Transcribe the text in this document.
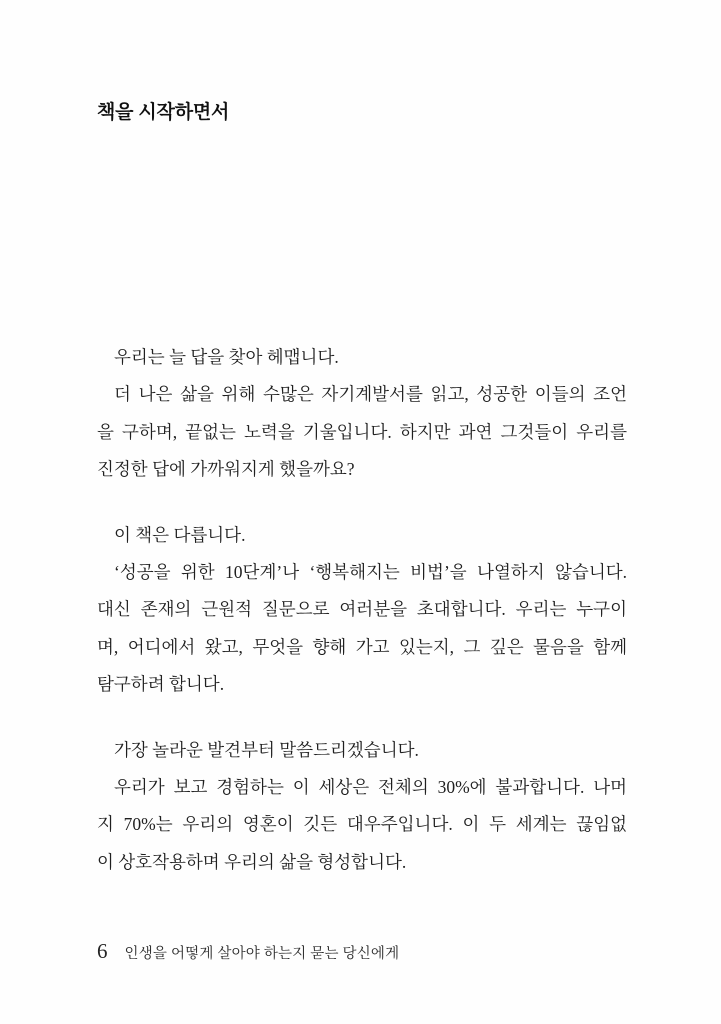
책을 시작하면서
우리는 늘 답을 찾아 헤맵니다.
더 나은 삶을 위해 수많은 자기계발서를 읽고, 성공한 이들의 조언
을 구하며, 끝없는 노력을 기울입니다. 하지만 과연 그것들이 우리를
진정한 답에 가까워지게 했을까요?
이 책은 다릅니다.
‘성공을 위한 10단계’나 ‘행복해지는 비법’을 나열하지 않습니다.
대신 존재의 근원적 질문으로 여러분을 초대합니다. 우리는 누구이
며, 어디에서 왔고, 무엇을 향해 가고 있는지, 그 깊은 물음을 함께
탐구하려 합니다.
가장 놀라운 발견부터 말씀드리겠습니다.
우리가 보고 경험하는 이 세상은 전체의 30%에 불과합니다. 나머
지 70%는 우리의 영혼이 깃든 대우주입니다. 이 두 세계는 끊임없
이 상호작용하며 우리의 삶을 형성합니다.
6 인생을 어떻게 살아야 하는지 묻는 당신에게
